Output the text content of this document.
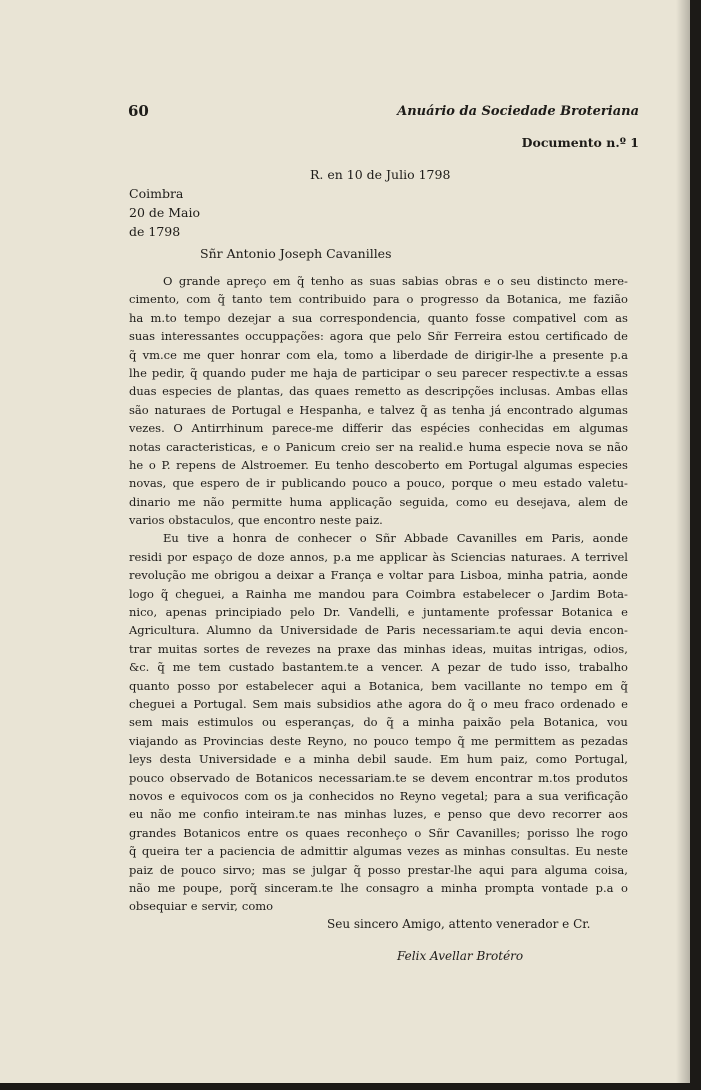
60	Anuário da Sociedade Broteriana
Documento n.º 1
R. en 10 de Julio 1798
Coimbra
20 de Maio
de 1798
Sñr Antonio Joseph Cavanilles
O grande apreço em q̃ tenho as suas sabias obras e o seu distincto mere-
cimento, com q̃ tanto tem contribuido para o progresso da Botanica, me fazião
ha m.to tempo dezejar a sua correspondencia, quanto fosse compativel com as
suas interessantes occuppações: agora que pelo Sñr Ferreira estou certificado de
q̃ vm.ce me quer honrar com ela, tomo a liberdade de dirigir-lhe a presente p.a
lhe pedir, q̃ quando puder me haja de participar o seu parecer respectiv.te a essas
duas especies de plantas, das quaes remetto as descripções inclusas. Ambas ellas
são naturaes de Portugal e Hespanha, e talvez q̃ as tenha já encontrado algumas
vezes. O Antirrhinum parece-me differir das espécies conhecidas em algumas
notas caracteristicas, e o Panicum creio ser na realid.e huma especie nova se não
he o P. repens de Alstroemer. Eu tenho descoberto em Portugal algumas especies
novas, que espero de ir publicando pouco a pouco, porque o meu estado valetu-
dinario me não permitte huma applicação seguida, como eu desejava, alem de
varios obstaculos, que encontro neste paiz.
Eu tive a honra de conhecer o Sñr Abbade Cavanilles em Paris, aonde
residi por espaço de doze annos, p.a me applicar às Sciencias naturaes. A terrivel
revolução me obrigou a deixar a França e voltar para Lisboa, minha patria, aonde
logo q̃ cheguei, a Rainha me mandou para Coimbra estabelecer o Jardim Bota-
nico, apenas principiado pelo Dr. Vandelli, e juntamente professar Botanica e
Agricultura. Alumno da Universidade de Paris necessariam.te aqui devia encon-
trar muitas sortes de revezes na praxe das minhas ideas, muitas intrigas, odios,
&c. q̃ me tem custado bastantem.te a vencer. A pezar de tudo isso, trabalho
quanto posso por estabelecer aqui a Botanica, bem vacillante no tempo em q̃
cheguei a Portugal. Sem mais subsidios athe agora do q̃ o meu fraco ordenado e
sem mais estimulos ou esperanças, do q̃ a minha paixão pela Botanica, vou
viajando as Provincias deste Reyno, no pouco tempo q̃ me permittem as pezadas
leys desta Universidade e a minha debil saude. Em hum paiz, como Portugal,
pouco observado de Botanicos necessariam.te se devem encontrar m.tos produtos
novos e equivocos com os ja conhecidos no Reyno vegetal; para a sua verificação
eu não me confio inteiram.te nas minhas luzes, e penso que devo recorrer aos
grandes Botanicos entre os quaes reconheço o Sñr Cavanilles; porisso lhe rogo
q̃ queira ter a paciencia de admittir algumas vezes as minhas consultas. Eu neste
paiz de pouco sirvo; mas se julgar q̃ posso prestar-lhe aqui para alguma coisa,
não me poupe, porq̃ sinceram.te lhe consagro a minha prompta vontade p.a o
obsequiar e servir, como
Seu sincero Amigo, attento venerador e Cr.
Felix Avellar Brotéro
